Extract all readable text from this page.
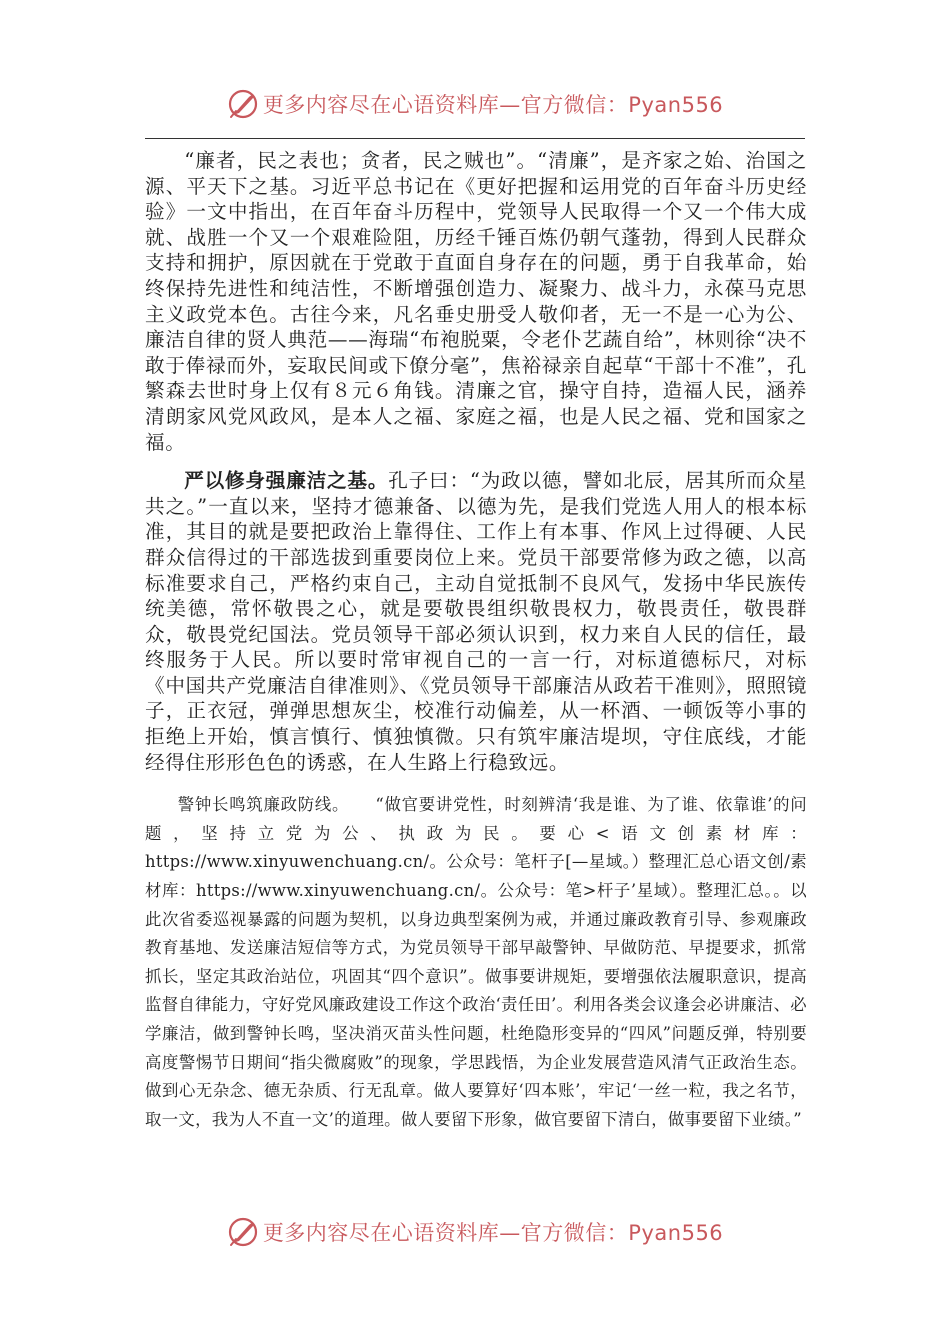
更多内容尽在心语资料库—官方微信：Pyan556

“廉者，民之表也；贪者，民之贼也”。“清廉”，是齐家之始、治国之源、平天下之基。习近平总书记在《更好把握和运用党的百年奋斗历史经验》一文中指出，在百年奋斗历程中，党领导人民取得一个又一个伟大成就、战胜一个又一个艰难险阻，历经千锤百炼仍朝气蓬勃，得到人民群众支持和拥护，原因就在于党敢于直面自身存在的问题，勇于自我革命，始终保持先进性和纯洁性，不断增强创造力、凝聚力、战斗力，永葆马克思主义政党本色。古往今来，凡名垂史册受人敬仰者，无一不是一心为公、廉洁自律的贤人典范——海瑞“布袍脱粟，令老仆艺蔬自给”，林则徐“决不敢于俸禄而外，妄取民间或下僚分毫”，焦裕禄亲自起草“干部十不准”，孔繁森去世时身上仅有８元６角钱。清廉之官，操守自持，造福人民，涵养清朗家风党风政风，是本人之福、家庭之福，也是人民之福、党和国家之福。

严以修身强廉洁之基。孔子曰：“为政以德，譬如北辰，居其所而众星共之。”一直以来，坚持才德兼备、以德为先，是我们党选人用人的根本标准，其目的就是要把政治上靠得住、工作上有本事、作风上过得硬、人民群众信得过的干部选拔到重要岗位上来。党员干部要常修为政之德，以高标准要求自己，严格约束自己，主动自觉抵制不良风气，发扬中华民族传统美德，常怀敬畏之心，就是要敬畏组织敬畏权力，敬畏责任，敬畏群众，敬畏党纪国法。党员领导干部必须认识到，权力来自人民的信任，最终服务于人民。所以要时常审视自己的一言一行，对标道德标尺，对标《中国共产党廉洁自律准则》、《党员领导干部廉洁从政若干准则》，照照镜子，正衣冠，弹弹思想灰尘，校准行动偏差，从一杯酒、一顿饭等小事的拒绝上开始，慎言慎行、慎独慎微。只有筑牢廉洁堤坝，守住底线，才能经得住形形色色的诱惑，在人生路上行稳致远。

警钟长鸣筑廉政防线。 “做官要讲党性，时刻辨清‘我是谁、为了谁、依靠谁’的问题，坚持立党为公、执政为民。要心<语文创素材库：https://www.xinyuwenchuang.cn/。公众号：笔杆子[—星域。）整理汇总心语文创/素材库：https://www.xinyuwenchuang.cn/。公众号：笔>杆子’星域）。整理汇总。。以此次省委巡视暴露的问题为契机，以身边典型案例为戒，并通过廉政教育引导、参观廉政教育基地、发送廉洁短信等方式，为党员领导干部早敲警钟、早做防范、早提要求，抓常抓长，坚定其政治站位，巩固其“四个意识”。做事要讲规矩，要增强依法履职意识，提高监督自律能力，守好党风廉政建设工作这个政治‘责任田’。利用各类会议逢会必讲廉洁、必学廉洁，做到警钟长鸣，坚决消灭苗头性问题，杜绝隐形变异的“四风”问题反弹，特别要高度警惕节日期间“指尖微腐败”的现象，学思践悟，为企业发展营造风清气正政治生态。做到心无杂念、德无杂质、行无乱章。做人要算好‘四本账’，牢记‘一丝一粒，我之名节，取一文，我为人不直一文’的道理。做人要留下形象，做官要留下清白，做事要留下业绩。”

更多内容尽在心语资料库—官方微信：Pyan556
